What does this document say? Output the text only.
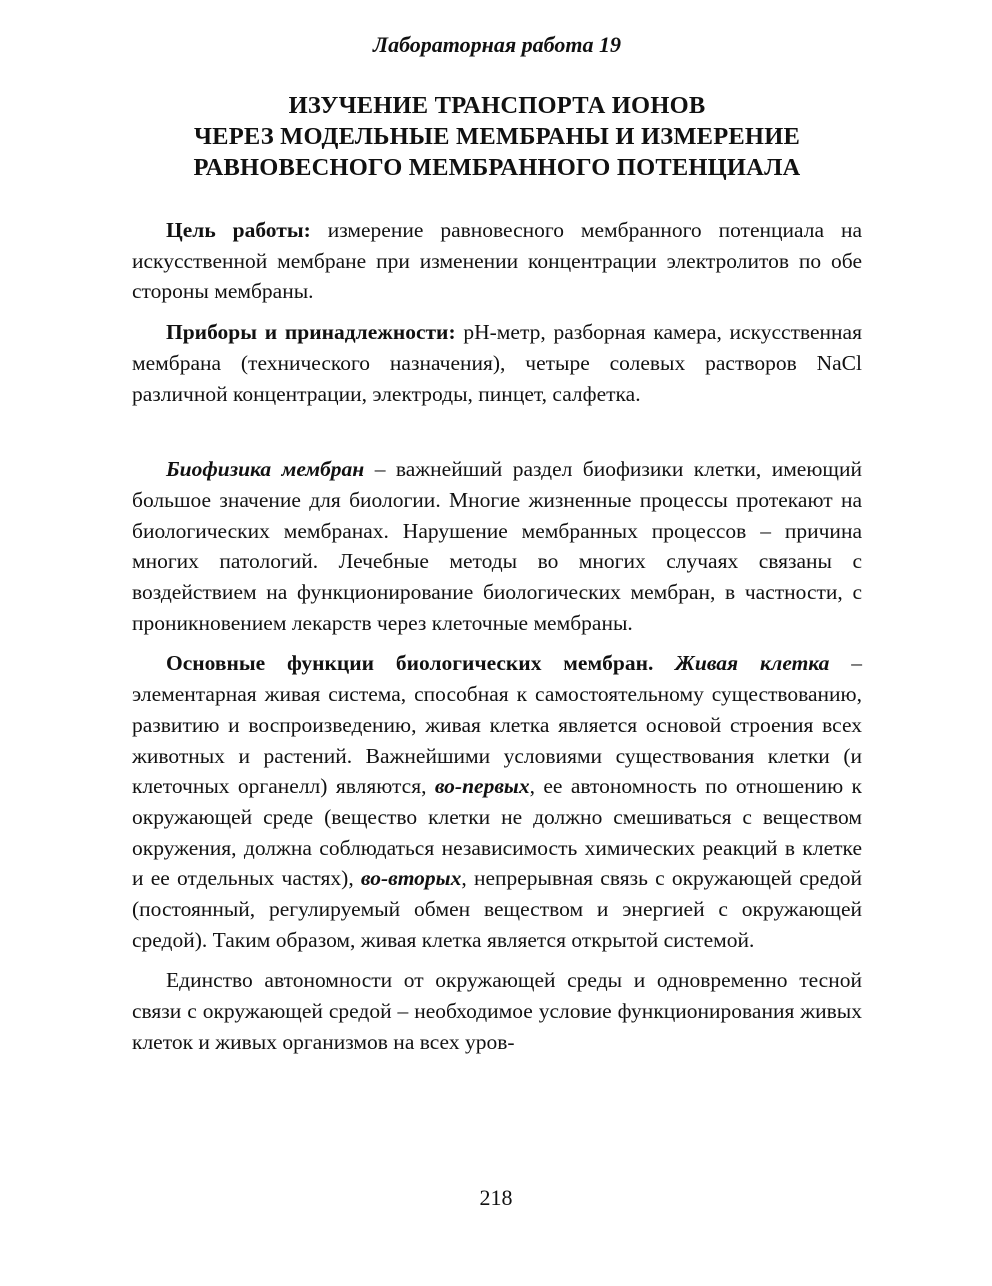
Лабораторная работа 19
ИЗУЧЕНИЕ ТРАНСПОРТА ИОНОВ
ЧЕРЕЗ МОДЕЛЬНЫЕ МЕМБРАНЫ И ИЗМЕРЕНИЕ
РАВНОВЕСНОГО МЕМБРАННОГО ПОТЕНЦИАЛА

Цель работы: измерение равновесного мембранного потенциала на искусственной мембране при изменении концентрации электролитов по обе стороны мембраны.

Приборы и принадлежности: pH-метр, разборная камера, искусственная мембрана (технического назначения), четыре солевых растворов NaCl различной концентрации, электроды, пинцет, салфетка.

Биофизика мембран – важнейший раздел биофизики клетки, имеющий большое значение для биологии. Многие жизненные процессы протекают на биологических мембранах. Нарушение мембранных процессов – причина многих патологий. Лечебные методы во многих случаях связаны с воздействием на функционирование биологических мембран, в частности, с проникновением лекарств через клеточные мембраны.

Основные функции биологических мембран. Живая клетка – элементарная живая система, способная к самостоятельному существованию, развитию и воспроизведению, живая клетка является основой строения всех животных и растений. Важнейшими условиями существования клетки (и клеточных органелл) являются, во-первых, ее автономность по отношению к окружающей среде (вещество клетки не должно смешиваться с веществом окружения, должна соблюдаться независимость химических реакций в клетке и ее отдельных частях), во-вторых, непрерывная связь с окружающей средой (постоянный, регулируемый обмен веществом и энергией с окружающей средой). Таким образом, живая клетка является открытой системой.

Единство автономности от окружающей среды и одновременно тесной связи с окружающей средой – необходимое условие функционирования живых клеток и живых организмов на всех уров-

218
